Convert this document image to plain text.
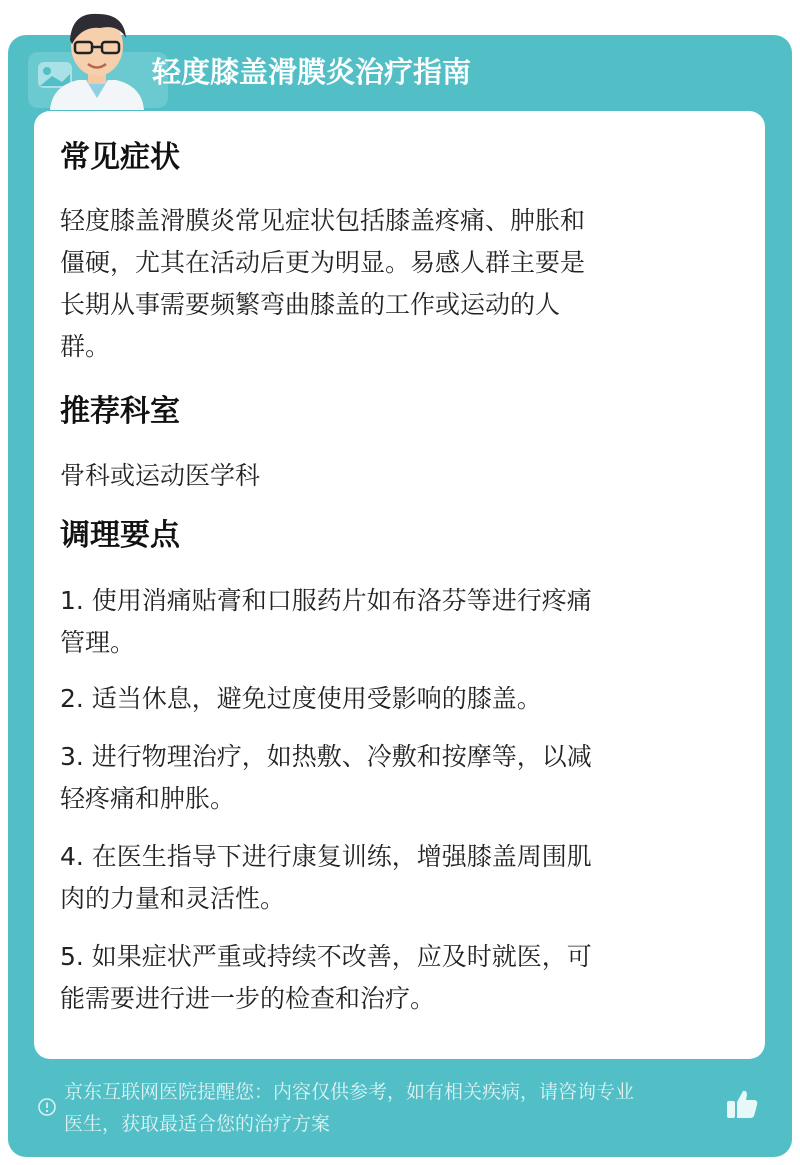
轻度膝盖滑膜炎治疗指南
常见症状
轻度膝盖滑膜炎常见症状包括膝盖疼痛、肿胀和
僵硬，尤其在活动后更为明显。易感人群主要是
长期从事需要频繁弯曲膝盖的工作或运动的人
群。
推荐科室
骨科或运动医学科
调理要点
1. 使用消痛贴膏和口服药片如布洛芬等进行疼痛
管理。
2. 适当休息，避免过度使用受影响的膝盖。
3. 进行物理治疗，如热敷、冷敷和按摩等，以减
轻疼痛和肿胀。
4. 在医生指导下进行康复训练，增强膝盖周围肌
肉的力量和灵活性。
5. 如果症状严重或持续不改善，应及时就医，可
能需要进行进一步的检查和治疗。
京东互联网医院提醒您：内容仅供参考，如有相关疾病，请咨询专业
医生，获取最适合您的治疗方案
